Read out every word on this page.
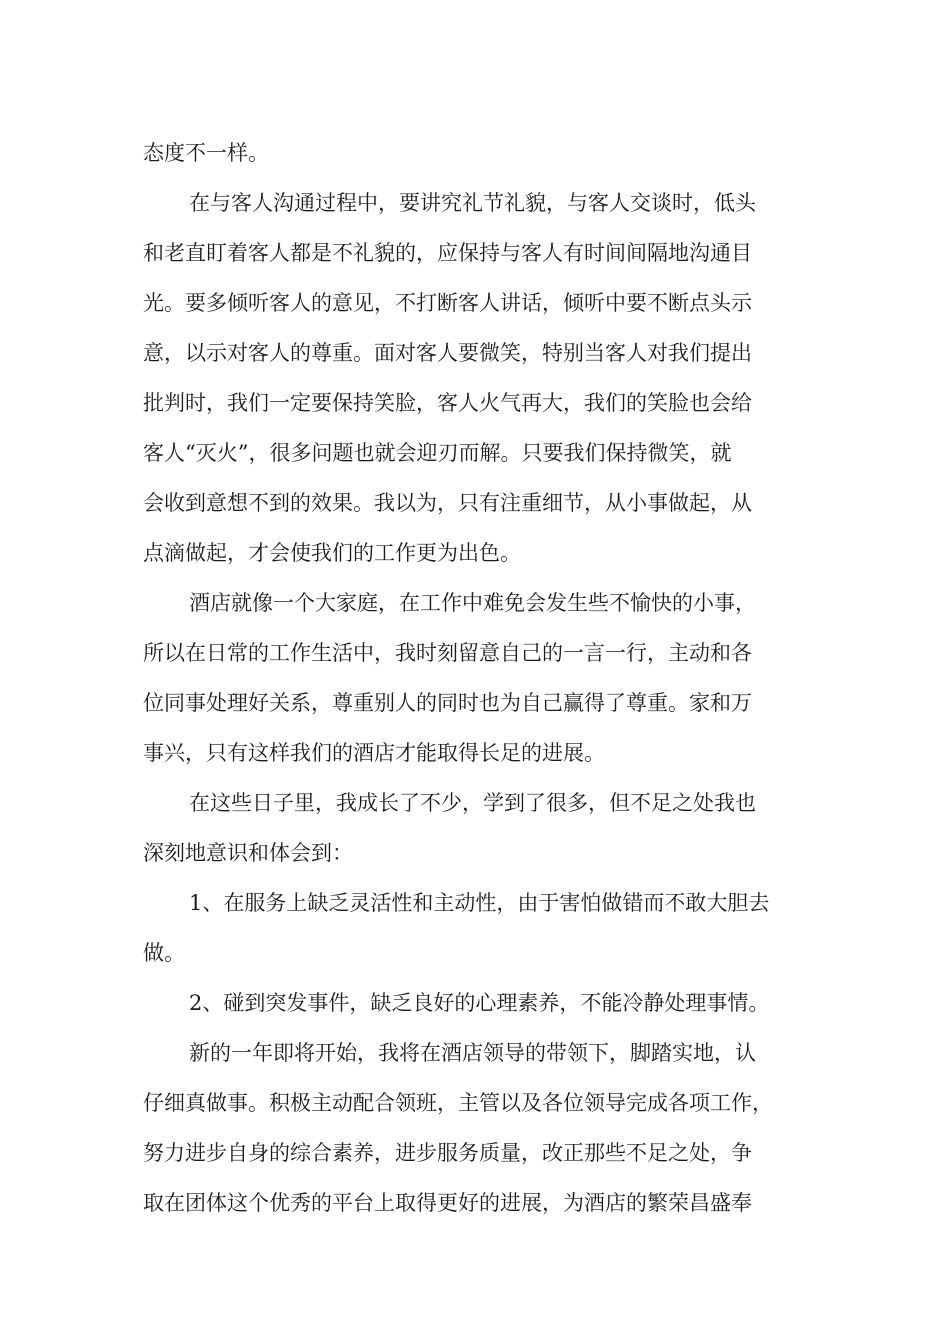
态度不一样。
在与客人沟通过程中，要讲究礼节礼貌，与客人交谈时，低头
和老直盯着客人都是不礼貌的，应保持与客人有时间间隔地沟通目
光。要多倾听客人的意见，不打断客人讲话，倾听中要不断点头示
意，以示对客人的尊重。面对客人要微笑，特别当客人对我们提出
批判时，我们一定要保持笑脸，客人火气再大，我们的笑脸也会给
客人“灭火”，很多问题也就会迎刃而解。只要我们保持微笑，就
会收到意想不到的效果。我以为，只有注重细节，从小事做起，从
点滴做起，才会使我们的工作更为出色。
酒店就像一个大家庭，在工作中难免会发生些不愉快的小事，
所以在日常的工作生活中，我时刻留意自己的一言一行，主动和各
位同事处理好关系，尊重别人的同时也为自己赢得了尊重。家和万
事兴，只有这样我们的酒店才能取得长足的进展。
在这些日子里，我成长了不少，学到了很多，但不足之处我也
深刻地意识和体会到：
1、在服务上缺乏灵活性和主动性，由于害怕做错而不敢大胆去
做。
2、碰到突发事件，缺乏良好的心理素养，不能冷静处理事情。
新的一年即将开始，我将在酒店领导的带领下，脚踏实地，认
仔细真做事。积极主动配合领班，主管以及各位领导完成各项工作，
努力进步自身的综合素养，进步服务质量，改正那些不足之处，争
取在团体这个优秀的平台上取得更好的进展，为酒店的繁荣昌盛奉
